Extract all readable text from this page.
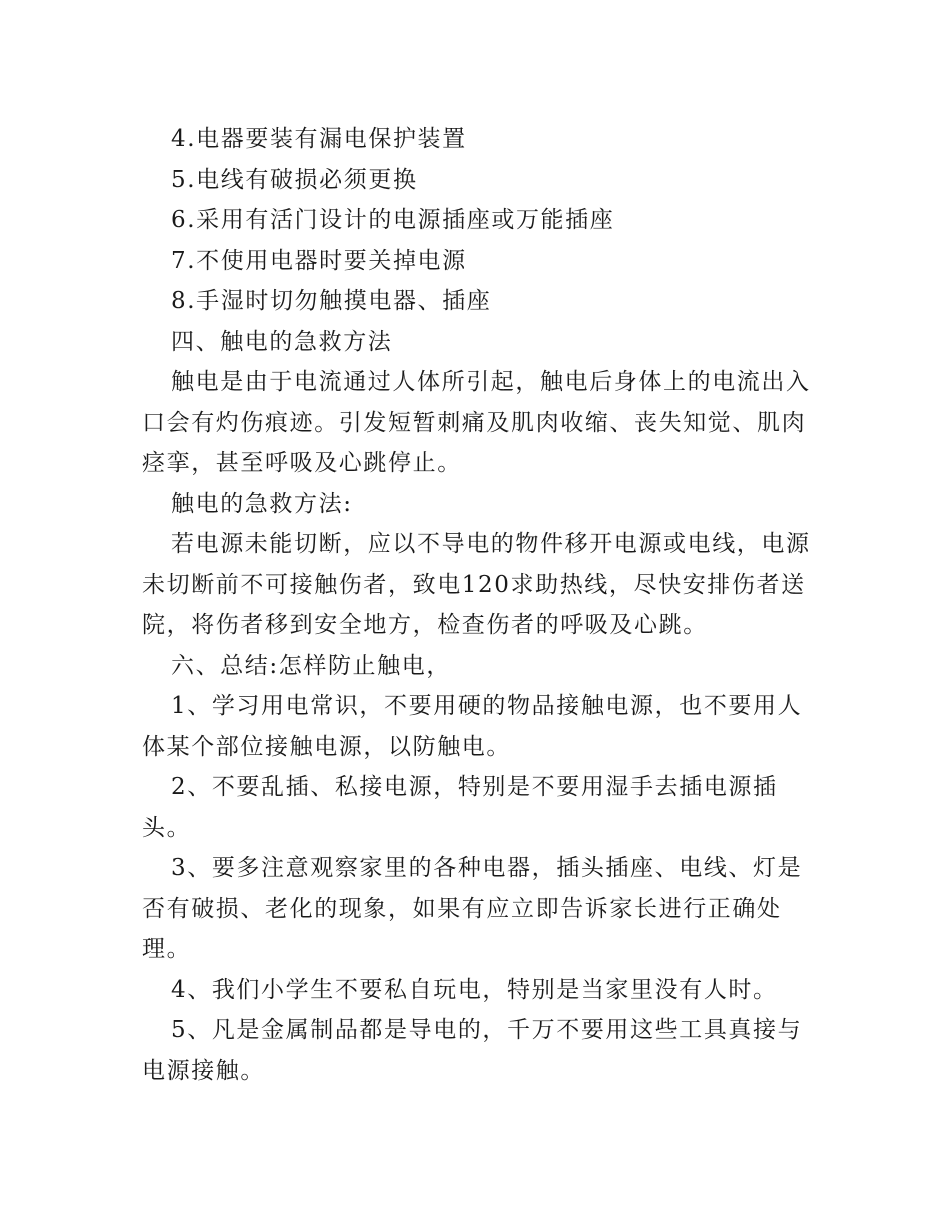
4.电器要装有漏电保护装置

5.电线有破损必须更换

6.采用有活门设计的电源插座或万能插座

7.不使用电器时要关掉电源

8.手湿时切勿触摸电器、插座

四、触电的急救方法

触电是由于电流通过人体所引起，触电后身体上的电流出入口会有灼伤痕迹。引发短暂刺痛及肌肉收缩、丧失知觉、肌肉痉挛，甚至呼吸及心跳停止。

触电的急救方法:

若电源未能切断，应以不导电的物件移开电源或电线，电源未切断前不可接触伤者，致电120求助热线，尽快安排伤者送院，将伤者移到安全地方，检查伤者的呼吸及心跳。

六、总结:怎样防止触电，

1、学习用电常识，不要用硬的物品接触电源，也不要用人体某个部位接触电源，以防触电。

2、不要乱插、私接电源，特别是不要用湿手去插电源插头。

3、要多注意观察家里的各种电器，插头插座、电线、灯是否有破损、老化的现象，如果有应立即告诉家长进行正确处理。

4、我们小学生不要私自玩电，特别是当家里没有人时。

5、凡是金属制品都是导电的，千万不要用这些工具真接与电源接触。
